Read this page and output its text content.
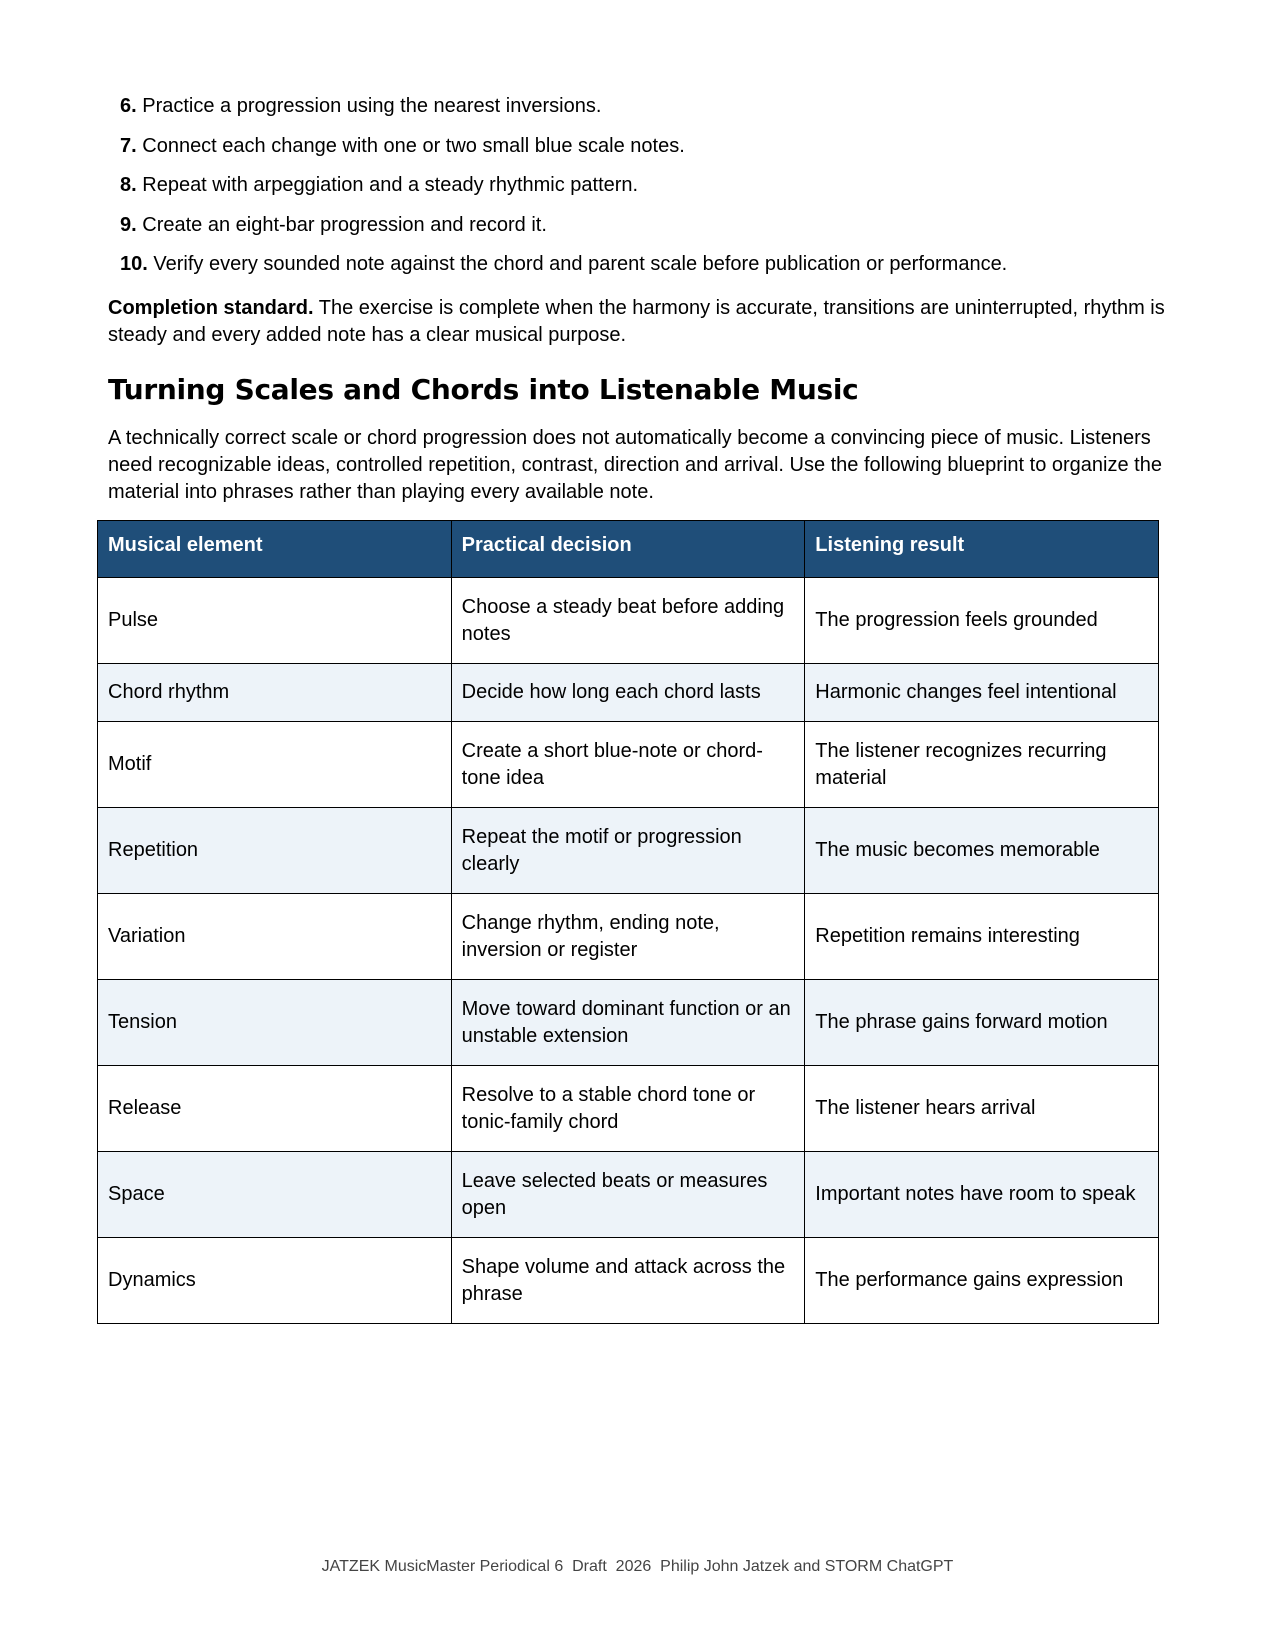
6. Practice a progression using the nearest inversions.
7. Connect each change with one or two small blue scale notes.
8. Repeat with arpeggiation and a steady rhythmic pattern.
9. Create an eight-bar progression and record it.
10. Verify every sounded note against the chord and parent scale before publication or performance.

Completion standard. The exercise is complete when the harmony is accurate, transitions are uninterrupted, rhythm is steady and every added note has a clear musical purpose.

Turning Scales and Chords into Listenable Music

A technically correct scale or chord progression does not automatically become a convincing piece of music. Listeners need recognizable ideas, controlled repetition, contrast, direction and arrival. Use the following blueprint to organize the material into phrases rather than playing every available note.

Musical element	Practical decision	Listening result
Pulse	Choose a steady beat before adding notes	The progression feels grounded
Chord rhythm	Decide how long each chord lasts	Harmonic changes feel intentional
Motif	Create a short blue-note or chord-tone idea	The listener recognizes recurring material
Repetition	Repeat the motif or progression clearly	The music becomes memorable
Variation	Change rhythm, ending note, inversion or register	Repetition remains interesting
Tension	Move toward dominant function or an unstable extension	The phrase gains forward motion
Release	Resolve to a stable chord tone or tonic-family chord	The listener hears arrival
Space	Leave selected beats or measures open	Important notes have room to speak
Dynamics	Shape volume and attack across the phrase	The performance gains expression
JATZEK MusicMaster Periodical 6  Draft  2026  Philip John Jatzek and STORM ChatGPT
